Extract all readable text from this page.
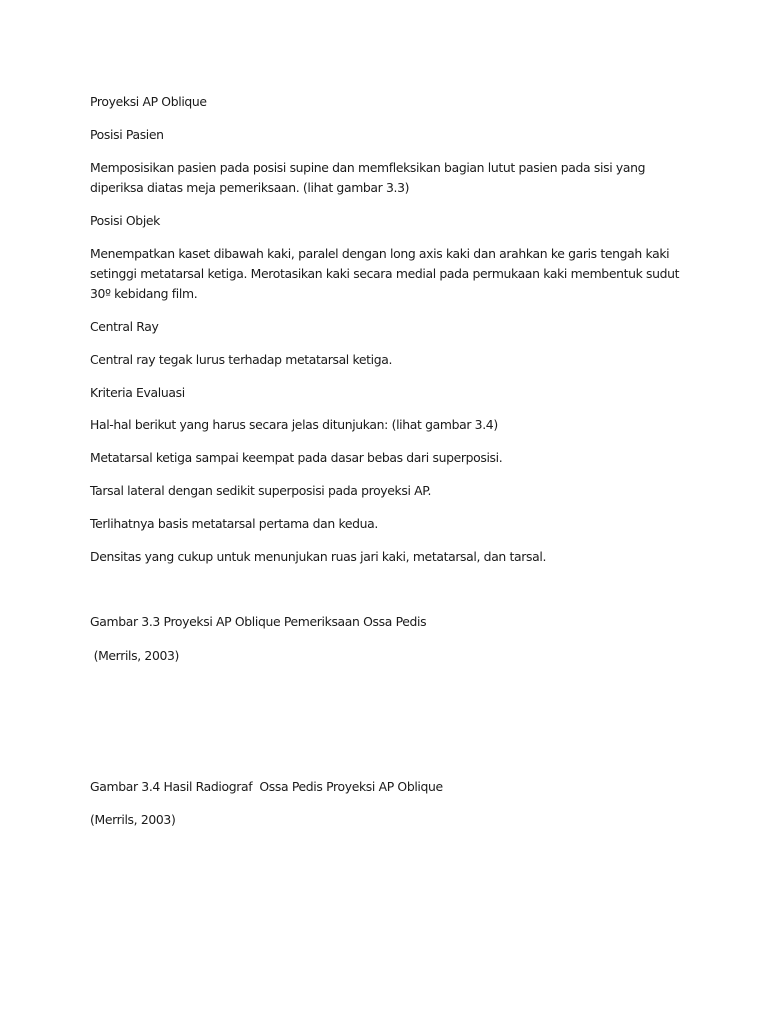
Proyeksi AP Oblique

Posisi Pasien

Memposisikan pasien pada posisi supine dan memfleksikan bagian lutut pasien pada sisi yang diperiksa diatas meja pemeriksaan. (lihat gambar 3.3)

Posisi Objek

Menempatkan kaset dibawah kaki, paralel dengan long axis kaki dan arahkan ke garis tengah kaki setinggi metatarsal ketiga. Merotasikan kaki secara medial pada permukaan kaki membentuk sudut 30º kebidang film.

Central Ray

Central ray tegak lurus terhadap metatarsal ketiga.

Kriteria Evaluasi

Hal-hal berikut yang harus secara jelas ditunjukan: (lihat gambar 3.4)

Metatarsal ketiga sampai keempat pada dasar bebas dari superposisi.

Tarsal lateral dengan sedikit superposisi pada proyeksi AP.

Terlihatnya basis metatarsal pertama dan kedua.

Densitas yang cukup untuk menunjukan ruas jari kaki, metatarsal, dan tarsal.

Gambar 3.3 Proyeksi AP Oblique Pemeriksaan Ossa Pedis

(Merrils, 2003)

Gambar 3.4 Hasil Radiograf  Ossa Pedis Proyeksi AP Oblique

(Merrils, 2003)
